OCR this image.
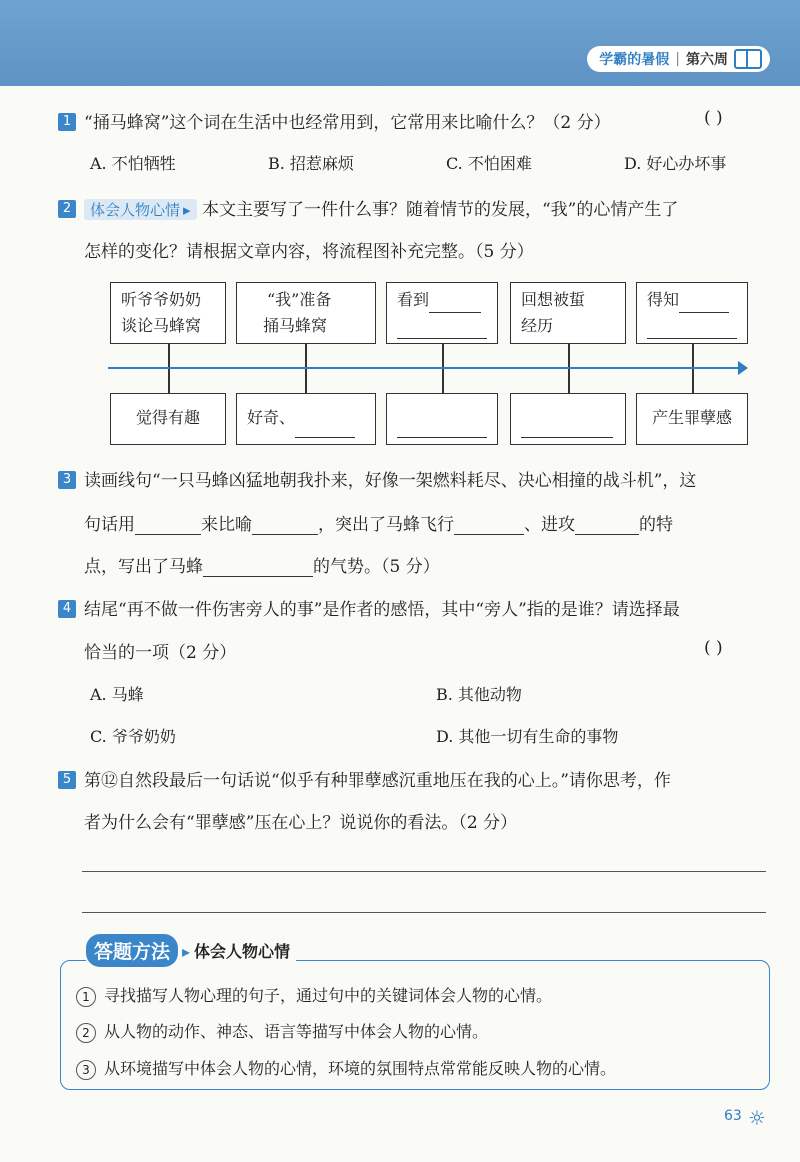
学霸的暑假 | 第六周
1 “捅马蜂窝”这个词在生活中也经常用到，它常用来比喻什么？（2 分）	( )
A. 不怕牺牲	B. 招惹麻烦	C. 不怕困难	D. 好心办坏事
2	体会人物心情 ▸ 本文主要写了一件什么事？随着情节的发展，“我”的心情产生了
怎样的变化？请根据文章内容，将流程图补充完整。（5 分）
听爷爷奶奶
谈论马蜂窝
“我”准备
捅马蜂窝
看到	回想被蜇
经历
得知
觉得有趣	好奇、	产生罪孽感
3 读画线句“一只马蜂凶猛地朝我扑来，好像一架燃料耗尽、决心相撞的战斗机”，这
句话用	来比喻	，突出了马蜂飞行	、进攻	的特
点，写出了马蜂	的气势。（5 分）
4 结尾“再不做一件伤害旁人的事”是作者的感悟，其中“旁人”指的是谁？请选择最
恰当的一项（2 分）	( )
A. 马蜂	B. 其他动物
C. 爷爷奶奶	D. 其他一切有生命的事物
5 第⑫自然段最后一句话说“似乎有种罪孽感沉重地压在我的心上。”请你思考，作
者为什么会有“罪孽感”压在心上？说说你的看法。（2 分）
答题方法
▸	体会人物心情
1 寻找描写人物心理的句子，通过句中的关键词体会人物的心情。
2 从人物的动作、神态、语言等描写中体会人物的心情。
3 从环境描写中体会人物的心情，环境的氛围特点常常能反映人物的心情。
63 ☼
